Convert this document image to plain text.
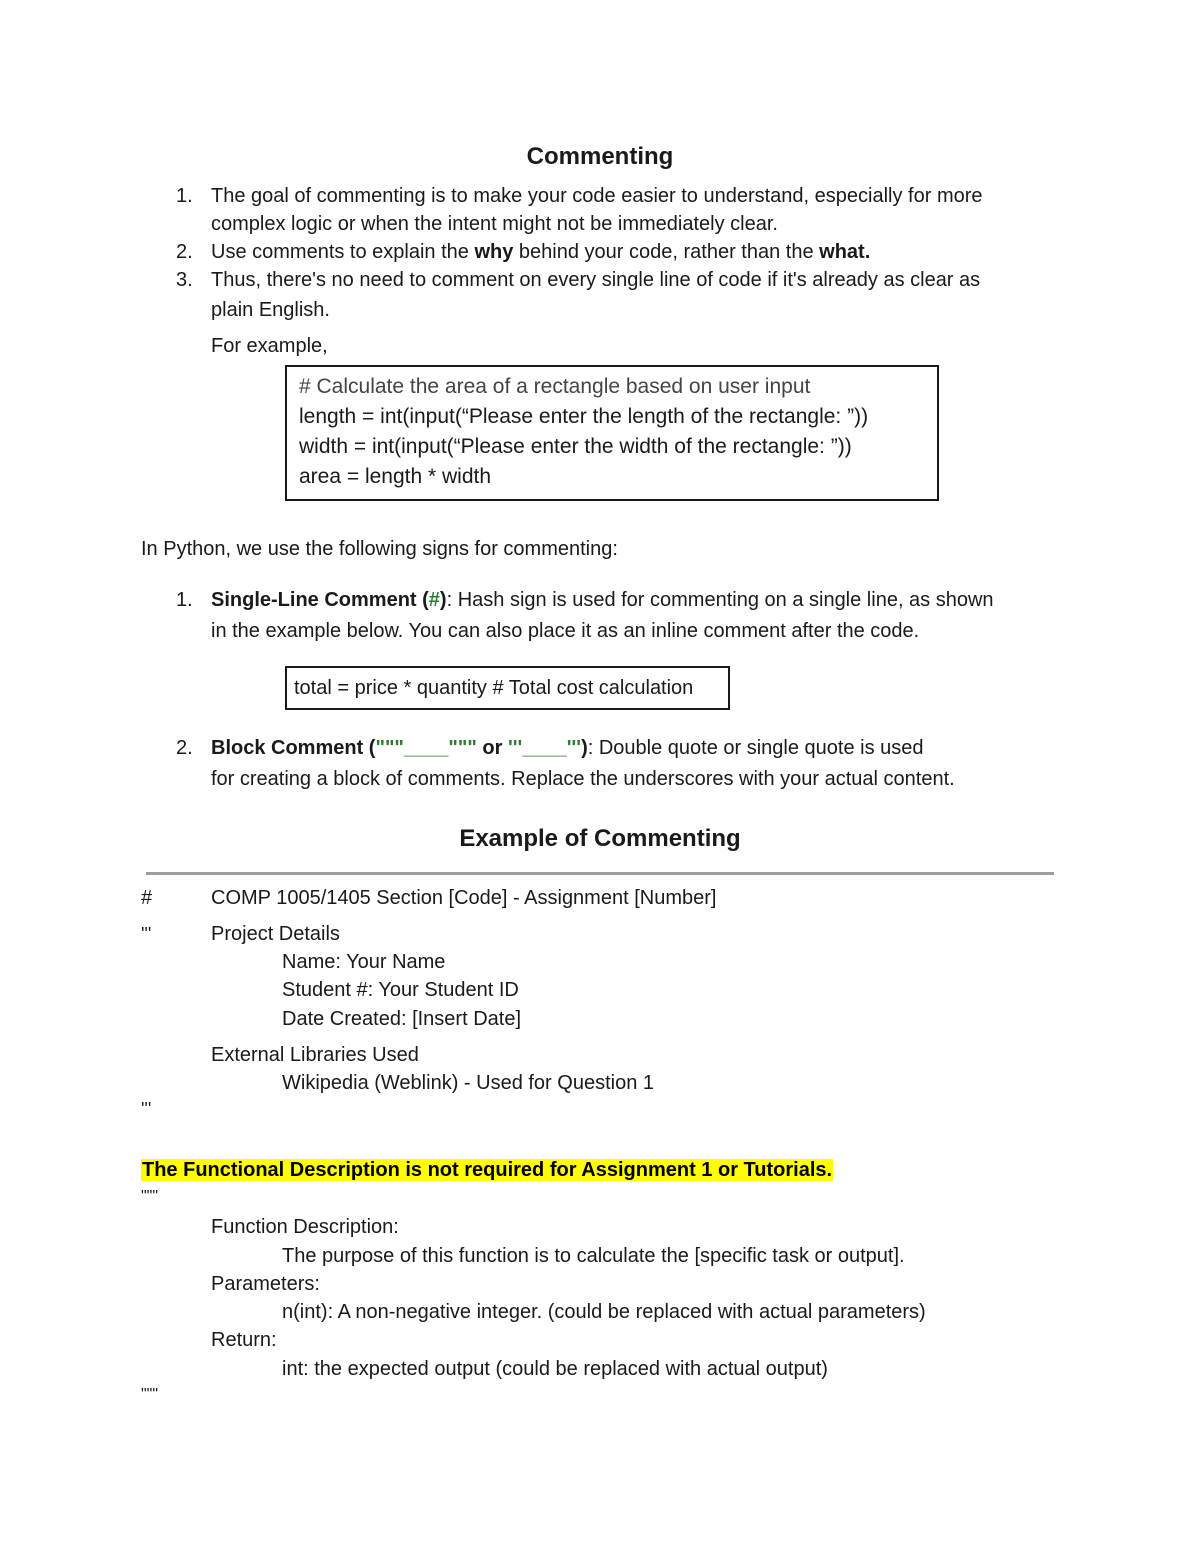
Commenting
1. The goal of commenting is to make your code easier to understand, especially for more
complex logic or when the intent might not be immediately clear.
2. Use comments to explain the why behind your code, rather than the what.
3. Thus, there's no need to comment on every single line of code if it's already as clear as
plain English.
For example,
# Calculate the area of a rectangle based on user input
length = int(input(“Please enter the length of the rectangle: ”))
width = int(input(“Please enter the width of the rectangle: ”))
area = length * width
In Python, we use the following signs for commenting:
1. Single-Line Comment (#): Hash sign is used for commenting on a single line, as shown
in the example below. You can also place it as an inline comment after the code.
total = price * quantity # Total cost calculation
2. Block Comment ("""____""" or '''____'''): Double quote or single quote is used
for creating a block of comments. Replace the underscores with your actual content.
Example of Commenting
#	COMP 1005/1405 Section [Code] - Assignment [Number]
'''	Project Details
Name: Your Name
Student #: Your Student ID
Date Created: [Insert Date]
External Libraries Used
Wikipedia (Weblink) - Used for Question 1
'''
The Functional Description is not required for Assignment 1 or Tutorials.
"""
Function Description:
The purpose of this function is to calculate the [specific task or output].
Parameters:
n(int): A non-negative integer. (could be replaced with actual parameters)
Return:
int: the expected output (could be replaced with actual output)
"""
